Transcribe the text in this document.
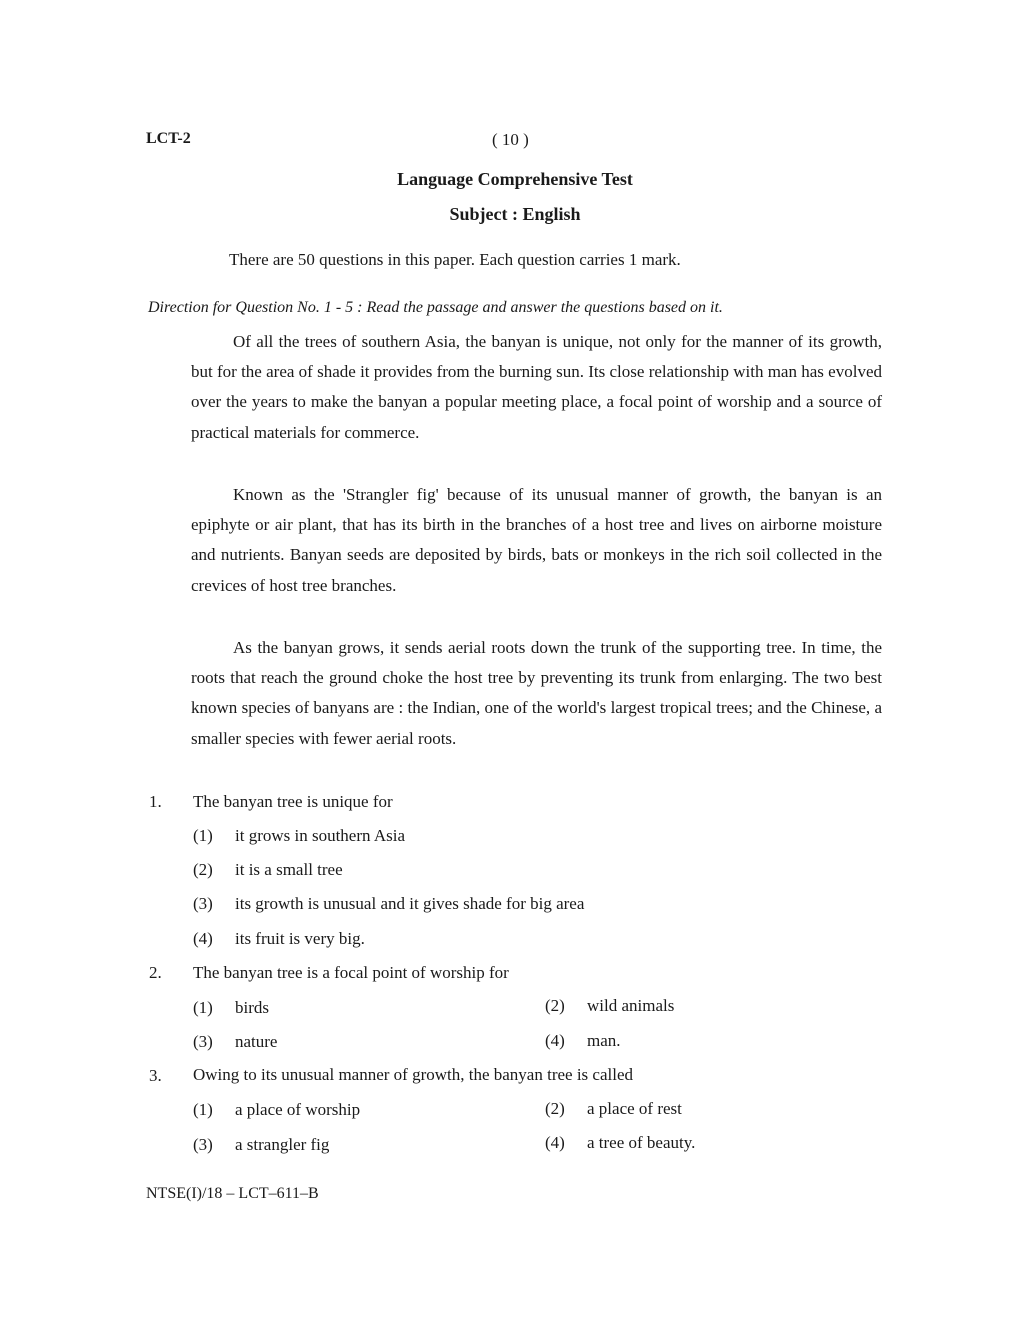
LCT-2	( 10 )
Language Comprehensive Test
Subject : English
There are 50 questions in this paper. Each question carries 1 mark.
Direction for Question No. 1 - 5 : Read the passage and answer the questions based on it.

Of all the trees of southern Asia, the banyan is unique, not only for the manner of its growth, but for the area of shade it provides from the burning sun. Its close relationship with man has evolved over the years to make the banyan a popular meeting place, a focal point of worship and a source of practical materials for commerce.

Known as the 'Strangler fig' because of its unusual manner of growth, the banyan is an epiphyte or air plant, that has its birth in the branches of a host tree and lives on airborne moisture and nutrients. Banyan seeds are deposited by birds, bats or monkeys in the rich soil collected in the crevices of host tree branches.

As the banyan grows, it sends aerial roots down the trunk of the supporting tree. In time, the roots that reach the ground choke the host tree by preventing its trunk from enlarging. The two best known species of banyans are : the Indian, one of the world's largest tropical trees; and the Chinese, a smaller species with fewer aerial roots.

1. The banyan tree is unique for
(1) it grows in southern Asia
(2) it is a small tree
(3) its growth is unusual and it gives shade for big area
(4) its fruit is very big.
2. The banyan tree is a focal point of worship for
(1) birds	(2) wild animals
(3) nature	(4) man.
3. Owing to its unusual manner of growth, the banyan tree is called
(1) a place of worship	(2) a place of rest
(3) a strangler fig	(4) a tree of beauty.
NTSE(I)/18 – LCT–611–B
